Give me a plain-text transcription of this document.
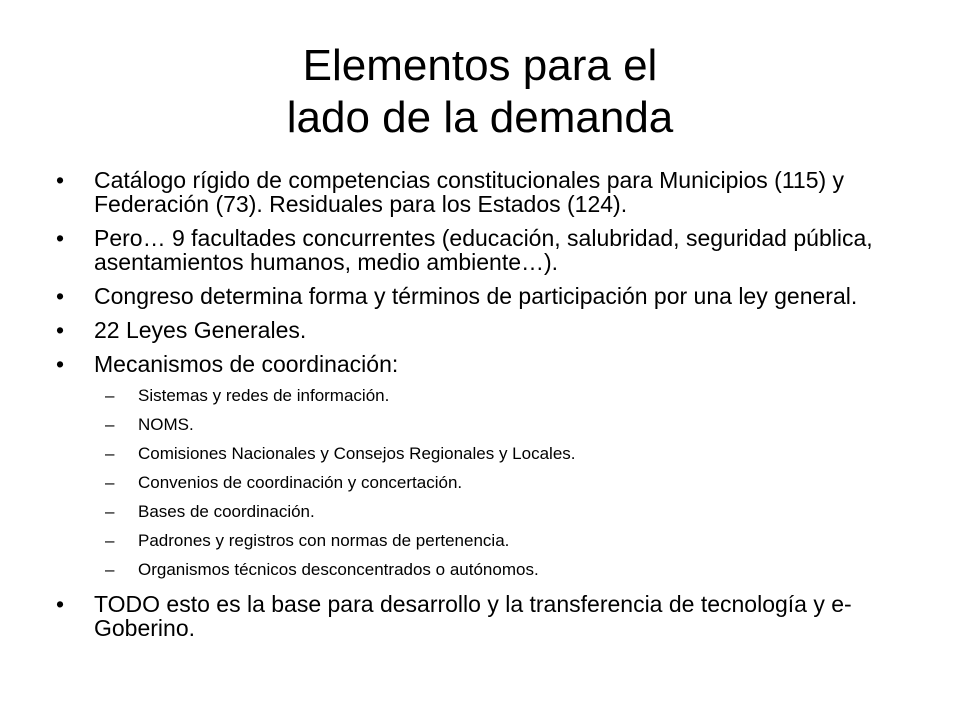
Elementos para el
lado de la demanda
• Catálogo rígido de competencias constitucionales para Municipios (115) y Federación (73). Residuales para los Estados (124).
• Pero… 9 facultades concurrentes (educación, salubridad, seguridad pública, asentamientos humanos, medio ambiente…).
• Congreso determina forma y términos de participación por una ley general.
• 22 Leyes Generales.
• Mecanismos de coordinación:
– Sistemas y redes de información.
– NOMS.
– Comisiones Nacionales y Consejos Regionales y Locales.
– Convenios de coordinación y concertación.
– Bases de coordinación.
– Padrones y registros con normas de pertenencia.
– Organismos técnicos desconcentrados o autónomos.
• TODO esto es la base para desarrollo y la transferencia de tecnología y e-Goberino.
